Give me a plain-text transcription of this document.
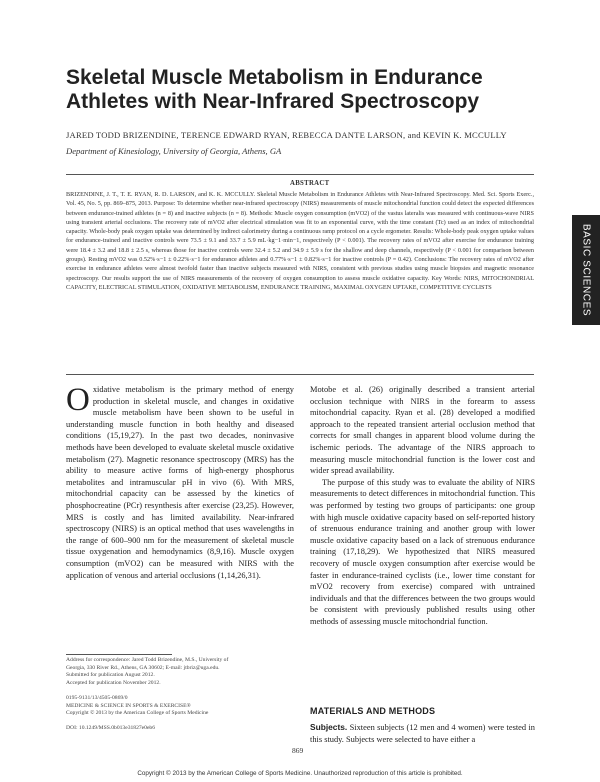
Skeletal Muscle Metabolism in Endurance Athletes with Near-Infrared Spectroscopy
JARED TODD BRIZENDINE, TERENCE EDWARD RYAN, REBECCA DANTE LARSON, and KEVIN K. MCCULLY
Department of Kinesiology, University of Georgia, Athens, GA
ABSTRACT

BRIZENDINE, J. T., T. E. RYAN, R. D. LARSON, and K. K. MCCULLY. Skeletal Muscle Metabolism in Endurance Athletes with Near-Infrared Spectroscopy. Med. Sci. Sports Exerc., Vol. 45, No. 5, pp. 869–875, 2013. Purpose: To determine whether near-infrared spectroscopy (NIRS) measurements of muscle mitochondrial function could detect the expected differences between endurance-trained athletes (n = 8) and inactive subjects (n = 8). Methods: Muscle oxygen consumption (mVO2) of the vastus lateralis was measured with continuous-wave NIRS using transient arterial occlusions. The recovery rate of mVO2 after electrical stimulation was fit to an exponential curve, with the time constant (Tc) used as an index of mitochondrial capacity. Whole-body peak oxygen uptake was determined by indirect calorimetry during a continuous ramp protocol on a cycle ergometer. Results: Whole-body peak oxygen uptake values for endurance-trained and inactive controls were 73.5 ± 9.1 and 33.7 ± 5.9 mL·kg−1·min−1, respectively (P < 0.001). The recovery rates of mVO2 after exercise for endurance training were 18.4 ± 3.2 and 18.8 ± 2.5 s, whereas those for inactive controls were 32.4 ± 5.2 and 34.9 ± 5.9 s for the shallow and deep channels, respectively (P < 0.001 for comparison between groups). Resting mVO2 was 0.52%·s−1 ± 0.22%·s−1 for endurance athletes and 0.77%·s−1 ± 0.82%·s−1 for inactive controls (P = 0.42). Conclusions: The recovery rates of mVO2 after exercise in endurance athletes were almost twofold faster than inactive subjects measured with NIRS, consistent with previous studies using muscle biopsies and magnetic resonance spectroscopy. Our results support the use of NIRS measurements of the recovery of oxygen consumption to assess muscle oxidative capacity. Key Words: NIRS, MITOCHONDRIAL CAPACITY, ELECTRICAL STIMULATION, OXIDATIVE METABOLISM, ENDURANCE TRAINING, MAXIMAL OXYGEN UPTAKE, COMPETITIVE CYCLISTS	BASIC SCIENCES

Oxidative metabolism is the primary method of energy production in skeletal muscle, and changes in oxidative muscle metabolism have been shown to be useful in understanding muscle function in both healthy and diseased conditions (15,19,27). In the past two decades, noninvasive methods have been developed to evaluate skeletal muscle oxidative metabolism (27). Magnetic resonance spectroscopy (MRS) has the ability to measure active forms of high-energy phosphorus metabolites and intramuscular pH in vivo (6). With MRS, mitochondrial capacity can be assessed by the kinetics of phosphocreatine (PCr) resynthesis after exercise (23,25). However, MRS is costly and has limited availability. Near-infrared spectroscopy (NIRS) is an optical method that uses wavelengths in the range of 600–900 nm for the measurement of skeletal muscle tissue oxygenation and hemodynamics (8,9,16). Muscle oxygen consumption (mVO2) can be measured with NIRS with the application of venous and arterial occlusions (1,14,26,31).

Motobe et al. (26) originally described a transient arterial occlusion technique with NIRS in the forearm to assess mitochondrial capacity. Ryan et al. (28) developed a modified approach to the repeated transient arterial occlusion method that corrects for small changes in apparent blood volume during the ischemic periods. The advantage of the NIRS approach to measuring muscle mitochondrial function is the lower cost and wider spread availability.

The purpose of this study was to evaluate the ability of NIRS measurements to detect differences in mitochondrial function. This was performed by testing two groups of participants: one group with high muscle oxidative capacity based on self-reported history of strenuous endurance training and another group with lower muscle oxidative capacity based on a lack of strenuous endurance training (17,18,29). We hypothesized that NIRS measured recovery of muscle oxygen consumption after exercise would be faster in endurance-trained cyclists (i.e., lower time constant for mVO2 recovery from exercise) compared with untrained individuals and that the differences between the two groups would be consistent with previously published results using other methods of assessing muscle mitochondrial function.

Address for correspondence: Jared Todd Brizendine, M.S., University of
Georgia, 330 River Rd., Athens, GA 30602; E-mail: jtbriz@uga.edu.
Submitted for publication August 2012.
Accepted for publication November 2012.

0195-9131/13/4505-0869/0
MEDICINE & SCIENCE IN SPORTS & EXERCISE®
Copyright © 2013 by the American College of Sports Medicine

DOI: 10.1249/MSS.0b013e31827e0eb6
MATERIALS AND METHODS

Subjects. Sixteen subjects (12 men and 4 women) were tested in this study. Subjects were selected to have either a

869
Copyright © 2013 by the American College of Sports Medicine. Unauthorized reproduction of this article is prohibited.
